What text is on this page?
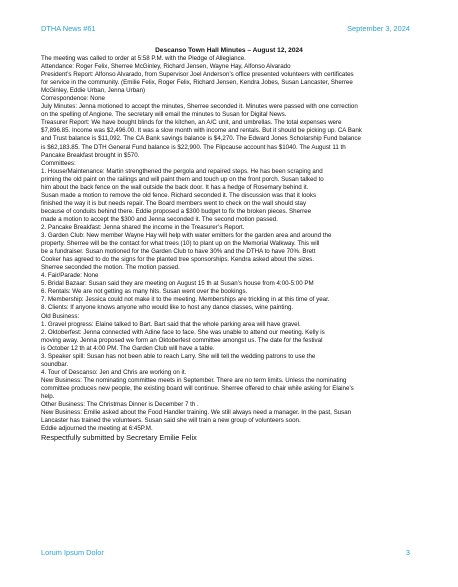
DTHA News #61	September 3, 2024
Descanso Town Hall Minutes – August 12, 2024

The meeting was called to order at 5:58 P.M. with the Pledge of Allegiance.

Attendance: Roger Felix, Sherree McGinley, Richard Jensen, Wayne Hay, Alfonso Alvarado

President’s Report: Alfonso Alvarado, from Supervisor Joel Anderson’s office presented volunteers with certificates

for service in the community. (Emilie Felix, Roger Felix, Richard Jensen, Kendra Jobes, Susan Lancaster, Sherree

McGinley, Eddie Urban, Jenna Urban)

Correspondence: None

July Minutes: Jenna motioned to accept the minutes, Sherree seconded it. Minutes were passed with one correction

on the spelling of Angione. The secretary will email the minutes to Susan for Digital News.

Treasurer Report: We have bought blinds for the kitchen, an A/C unit, and umbrellas. The total expenses were

$7,896.85. Income was $2,496.00. It was a slow month with income and rentals. But it should be picking up. CA Bank

and Trust balance is $11,092. The CA Bank savings balance is $4,270. The Edward Jones Scholarship Fund balance

is $62,183.85. The DTH General Fund balance is $22,900. The Flipcause account has $1040. The August 11 th

Pancake Breakfast brought in $570.

Committees:

1. House/Maintenance: Martin strengthened the pergola and repaired steps. He has been scraping and

priming the old paint on the railings and will paint them and touch up on the front porch. Susan talked to

him about the back fence on the wall outside the back door. It has a hedge of Rosemary behind it.

Susan made a motion to remove the old fence. Richard seconded it. The discussion was that it looks

finished the way it is but needs repair. The Board members went to check on the wall should stay

because of conduits behind there. Eddie proposed a $300 budget to fix the broken pieces. Sherree

made a motion to accept the $300 and Jenna seconded it. The second motion passed.

2. Pancake Breakfast: Jenna shared the income in the Treasurer’s Report.

3. Garden Club: New member Wayne Hay will help with water emitters for the garden area and around the

property. Sherree will be the contact for what trees (10) to plant up on the Memorial Walkway. This will

be a fundraiser. Susan motioned for the Garden Club to have 30% and the DTHA to have 70%. Brett

Cooker has agreed to do the signs for the planted tree sponsorships. Kendra asked about the sizes.

Sherree seconded the motion. The motion passed.

4. Fair/Parade: None

5. Bridal Bazaar: Susan said they are meeting on August 15 th at Susan’s house from 4:00-5:00 PM

6. Rentals: We are not getting as many hits. Susan went over the bookings.

7. Membership: Jessica could not make it to the meeting. Memberships are trickling in at this time of year.

8. Clients: If anyone knows anyone who would like to host any dance classes, wine painting.

Old Business:

1. Gravel progress: Elaine talked to Bart. Bart said that the whole parking area will have gravel.

2. Oktoberfest: Jenna connected with Adine face to face. She was unable to attend our meeting. Kelly is

moving away. Jenna proposed we form an Oktoberfest committee amongst us. The date for the festival

is October 12 th at 4:00 PM. The Garden Club will have a table.

3. Speaker spill: Susan has not been able to reach Larry. She will tell the wedding patrons to use the

soundbar.

4. Tour of Descanso: Jen and Chris are working on it.

New Business: The nominating committee meets in September. There are no term limits. Unless the nominating

committee produces new people, the existing board will continue. Sherree offered to chair while asking for Elaine’s

help.

Other Business: The Christmas Dinner is December 7 th .

New Business: Emilie asked about the Food Handler training. We still always need a manager. In the past, Susan

Lancaster has trained the volunteers. Susan said she will train a new group of volunteers soon.

Eddie adjourned the meeting at 6:45P.M.

Respectfully submitted by Secretary Emilie Felix

Lorum Ipsum Dolor	3
